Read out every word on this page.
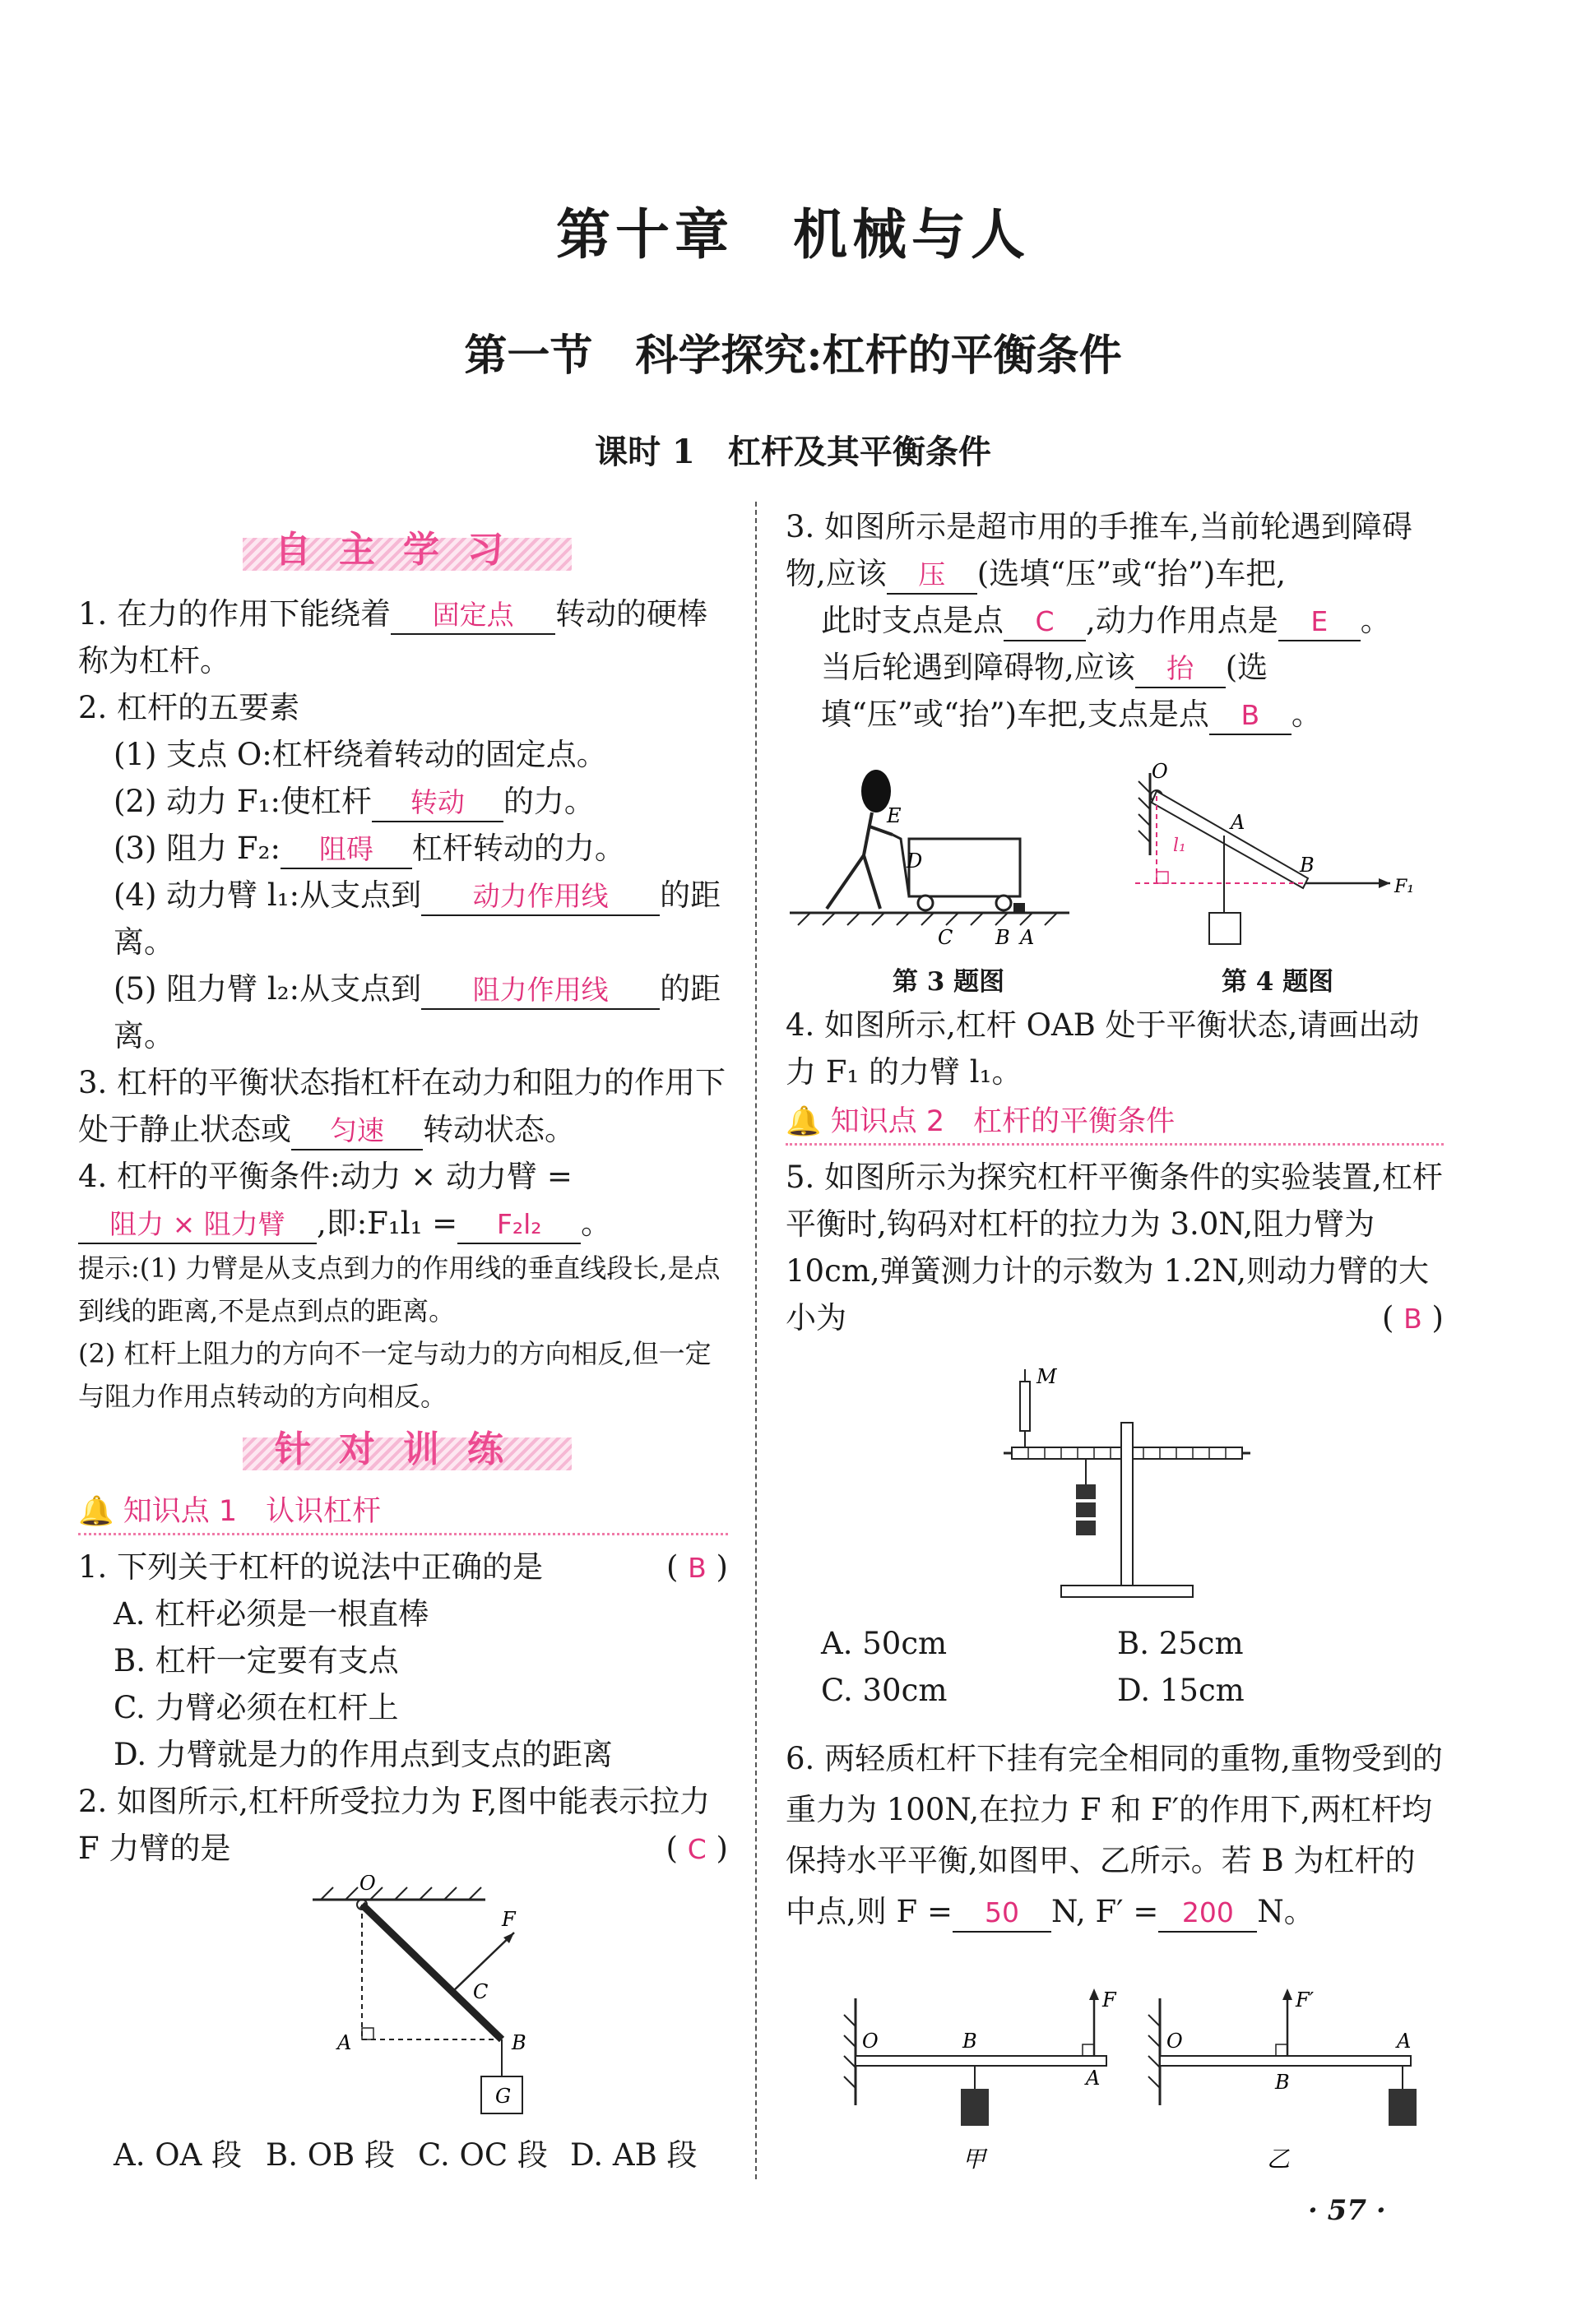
第十章　机械与人
第一节　科学探究:杠杆的平衡条件
课时 1　杠杆及其平衡条件
自主学习

1. 在力的作用下能绕着 固定点 转动的硬棒称为杠杆。

2. 杠杆的五要素

(1) 支点 O:杠杆绕着转动的固定点。

(2) 动力 F₁:使杠杆 转动 的力。

(3) 阻力 F₂: 阻碍 杠杆转动的力。

(4) 动力臂 l₁:从支点到 动力作用线 的距离。

(5) 阻力臂 l₂:从支点到 阻力作用线 的距离。

3. 杠杆的平衡状态指杠杆在动力和阻力的作用下处于静止状态或 匀速 转动状态。

4. 杠杆的平衡条件:动力 × 动力臂 =阻力 × 阻力臂 ,即:F₁l₁ = F₂l₂ 。

提示:(1) 力臂是从支点到力的作用线的垂直线段长,是点到线的距离,不是点到点的距离。

(2) 杠杆上阻力的方向不一定与动力的方向相反,但一定与阻力作用点转动的方向相反。

针对训练
🔔 知识点 1　认识杠杆

1. 下列关于杠杆的说法中正确的是	( B )

A. 杠杆必须是一根直棒

B. 杠杆一定要有支点

C. 力臂必须在杠杆上

D. 力臂就是力的作用点到支点的距离

2. 如图所示,杠杆所受拉力为 F,图中能表示拉力 F 力臂的是	( C )

O
A	B
C
F
G
A. OA 段 B. OB 段 C. OC 段 D. AB 段

3. 如图所示是超市用的手推车,当前轮遇到障碍物,应该 压 (选填“压”或“抬”)车把,

此时支点是点 C ,动力作用点是 E 。

当后轮遇到障碍物,应该 抬 (选填“压”或“抬”)车把,支点是点 B 。

E
D
C B A
第 3 题图
O
A
B
F₁
l₁
第 4 题图

4. 如图所示,杠杆 OAB 处于平衡状态,请画出动力 F₁ 的力臂 l₁。

🔔 知识点 2　杠杆的平衡条件

5. 如图所示为探究杠杆平衡条件的实验装置,杠杆平衡时,钩码对杠杆的拉力为 3.0N,阻力臂为 10cm,弹簧测力计的示数为 1.2N,则动力臂的大小为	( B )

M
A. 50cm	B. 25cm
C. 30cm	D. 15cm

6. 两轻质杠杆下挂有完全相同的重物,重物受到的重力为 100N,在拉力 F 和 F′的作用下,两杠杆均保持水平平衡,如图甲、乙所示。若 B 为杠杆的中点,则 F = 50 N, F′ = 200 N。

O	B
A
F
甲
O
B
A
F′
乙
· 57 ·
